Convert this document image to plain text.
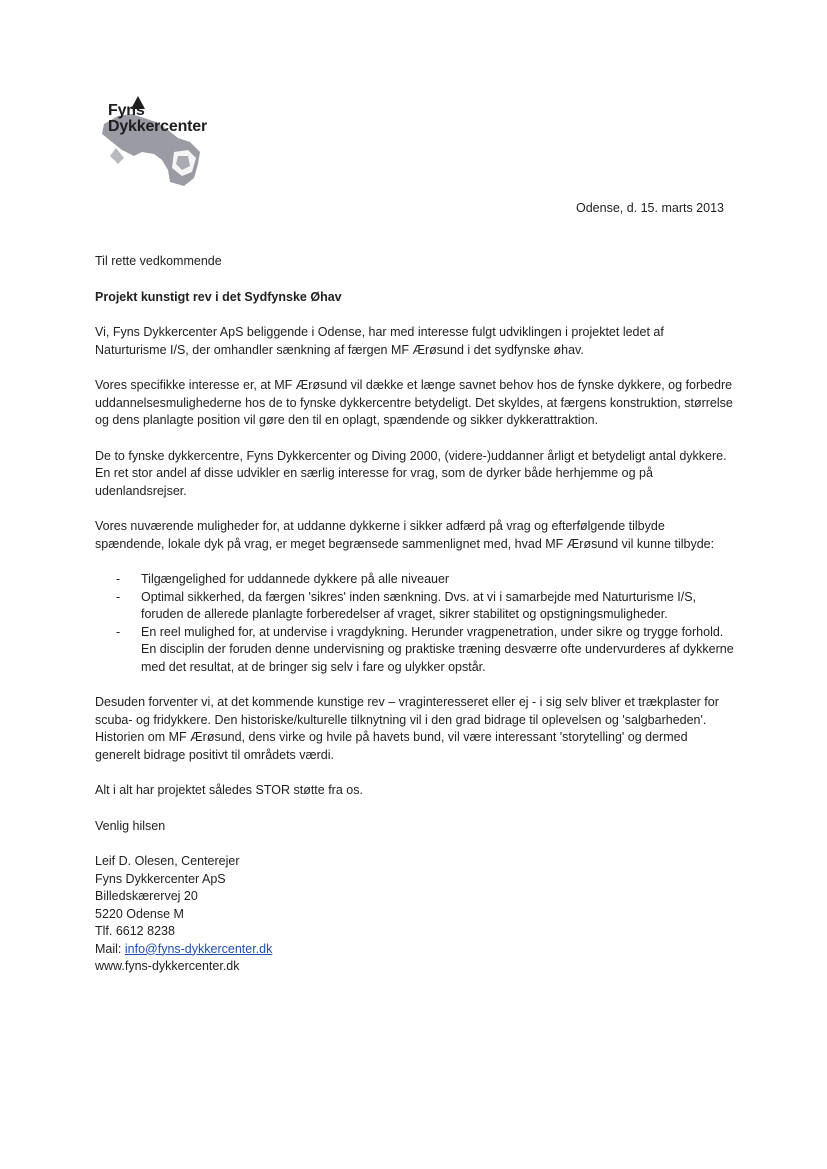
Fyns
Dykkercenter
Odense, d. 15. marts 2013

Til rette vedkommende

Projekt kunstigt rev i det Sydfynske Øhav

Vi, Fyns Dykkercenter ApS beliggende i Odense, har med interesse fulgt udviklingen i projektet ledet af Naturturisme I/S, der omhandler sænkning af færgen MF Ærøsund i det sydfynske øhav.

Vores specifikke interesse er, at MF Ærøsund vil dække et længe savnet behov hos de fynske dykkere, og forbedre uddannelsesmulighederne hos de to fynske dykkercentre betydeligt. Det skyldes, at færgens konstruktion, størrelse og dens planlagte position vil gøre den til en oplagt, spændende og sikker dykkerattraktion.

De to fynske dykkercentre, Fyns Dykkercenter og Diving 2000, (videre-)uddanner årligt et betydeligt antal dykkere. En ret stor andel af disse udvikler en særlig interesse for vrag, som de dyrker både herhjemme og på udenlandsrejser.

Vores nuværende muligheder for, at uddanne dykkerne i sikker adfærd på vrag og efterfølgende tilbyde spændende, lokale dyk på vrag, er meget begrænsede sammenlignet med, hvad MF Ærøsund vil kunne tilbyde:

- Tilgængelighed for uddannede dykkere på alle niveauer
- Optimal sikkerhed, da færgen 'sikres' inden sænkning. Dvs. at vi i samarbejde med Naturturisme I/S, foruden de allerede planlagte forberedelser af vraget, sikrer stabilitet og opstigningsmuligheder.
- En reel mulighed for, at undervise i vragdykning. Herunder vragpenetration, under sikre og trygge forhold. En disciplin der foruden denne undervisning og praktiske træning desværre ofte undervurderes af dykkerne med det resultat, at de bringer sig selv i fare og ulykker opstår.

Desuden forventer vi, at det kommende kunstige rev – vraginteresseret eller ej - i sig selv bliver et trækplaster for scuba- og fridykkere. Den historiske/kulturelle tilknytning vil i den grad bidrage til oplevelsen og 'salgbarheden'. Historien om MF Ærøsund, dens virke og hvile på havets bund, vil være interessant 'storytelling' og dermed generelt bidrage positivt til områdets værdi.

Alt i alt har projektet således STOR støtte fra os.

Venlig hilsen

Leif D. Olesen, Centerejer
Fyns Dykkercenter ApS
Billedskærervej 20
5220 Odense M
Tlf. 6612 8238
Mail: info@fyns-dykkercenter.dk
www.fyns-dykkercenter.dk
